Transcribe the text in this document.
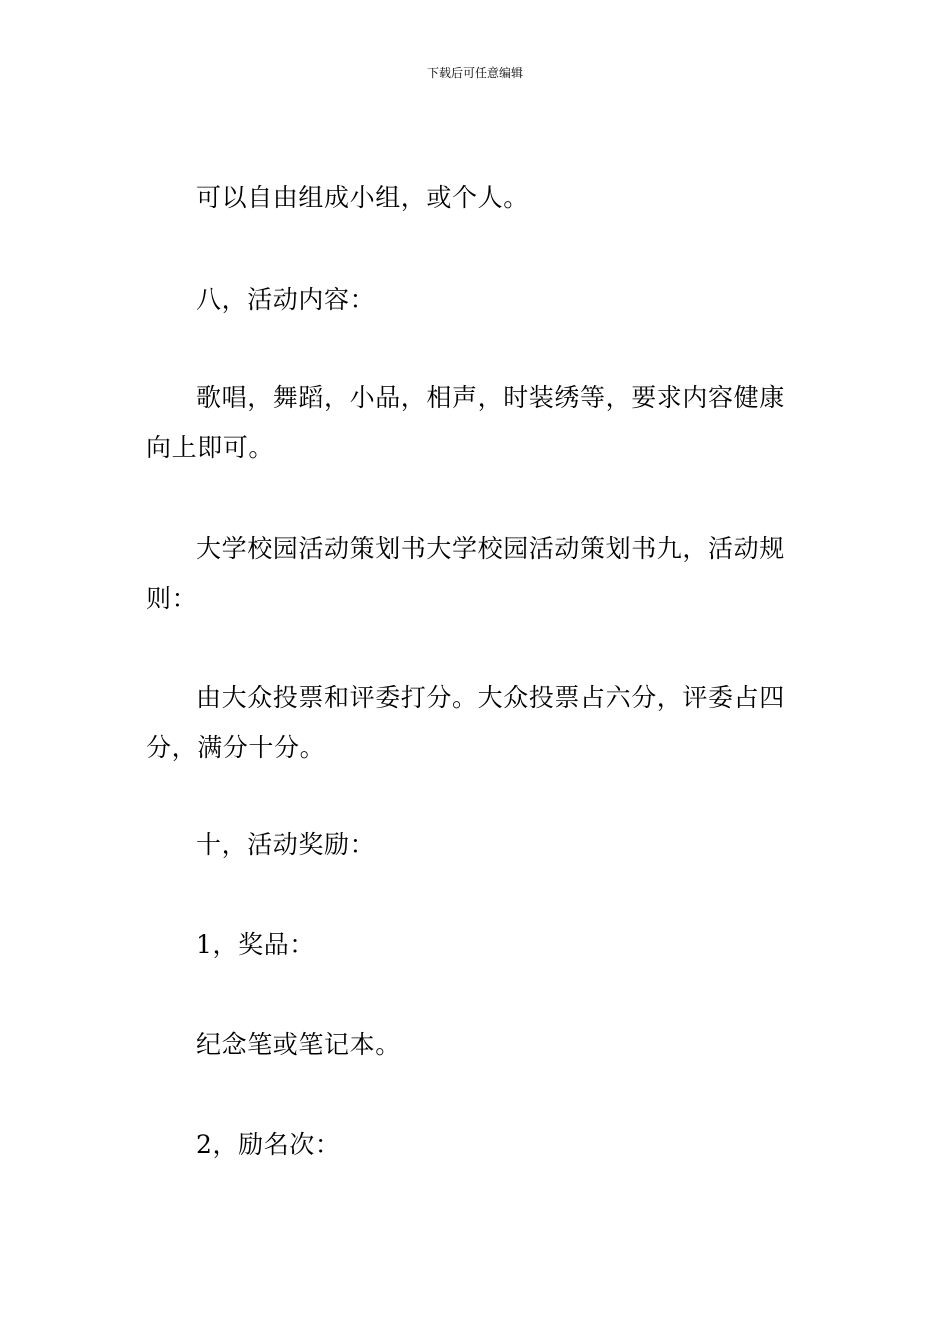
下载后可任意编辑

可以自由组成小组，或个人。

八，活动内容：

歌唱，舞蹈，小品，相声，时装绣等，要求内容健康向上即可。

大学校园活动策划书大学校园活动策划书九，活动规则：

由大众投票和评委打分。大众投票占六分，评委占四分，满分十分。

十，活动奖励：

1，奖品：

纪念笔或笔记本。

2，励名次：
